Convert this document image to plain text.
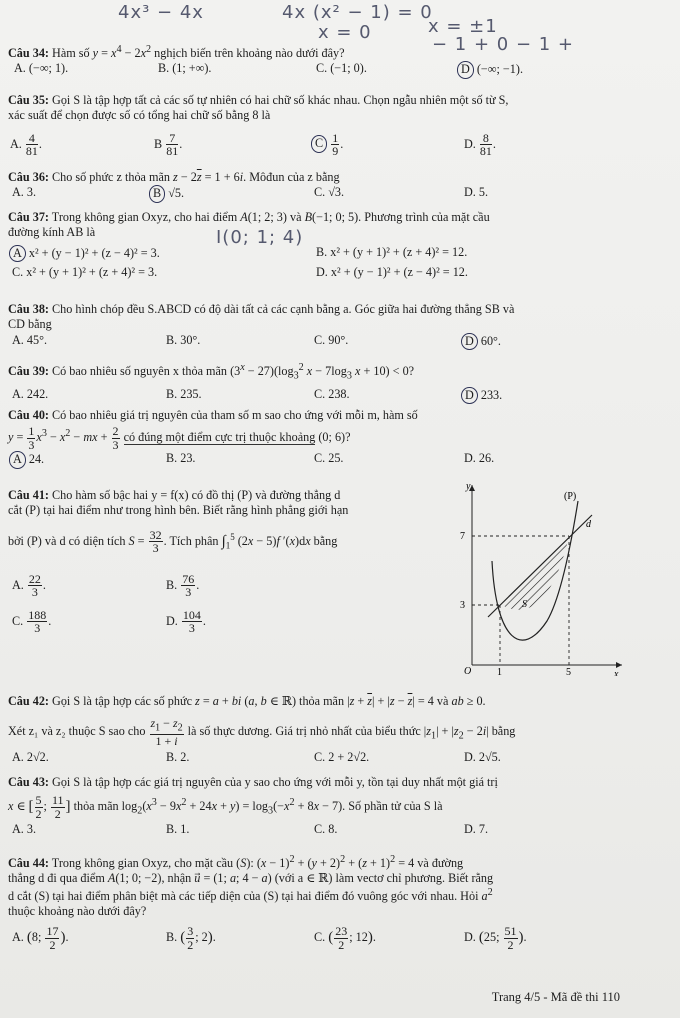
4x³ − 4x	4x (x² − 1) = 0
x = 0	x = ±1
− 1 + 0 − 1 +
I(0; 1; 4)

Câu 34: Hàm số $y = x^4 - 2x^2$ nghịch biến trên khoảng nào dưới đây?

A. (−∞; 1).	B. (1; +∞).	C. (−1; 0).	D (−∞; −1).

Câu 35: Gọi S là tập hợp tất cả các số tự nhiên có hai chữ số khác nhau. Chọn ngẫu nhiên một số từ S,

xác suất để chọn được số có tổng hai chữ số bằng 8 là

A. $\frac{4}{81}$ .	B $\frac{7}{81}$ .	C $\frac{1}{9}$ .	D. $\frac{8}{81}$ .

Câu 36: Cho số phức z thỏa mãn $z - 2\overline{z} = 1 + 6i$. Môđun của z bằng

A. 3.	B √5.	C. √3.	D. 5.

Câu 37: Trong không gian Oxyz, cho hai điểm A(1; 2; 3) và B(−1; 0; 5). Phương trình của mặt cầu

đường kính AB là

A x² + (y − 1)² + (z − 4)² = 3.	B. x² + (y + 1)² + (z + 4)² = 12.
C. x² + (y + 1)² + (z + 4)² = 3.	D. x² + (y − 1)² + (z − 4)² = 12.

Câu 38: Cho hình chóp đều S.ABCD có độ dài tất cả các cạnh bằng a. Góc giữa hai đường thẳng SB và

CD bằng

A. 45°.	B. 30°.	C. 90°.	D 60°.

Câu 39: Có bao nhiêu số nguyên x thỏa mãn $(3^x - 27)(\log_3^2$ $x - 7\log_3$ x + 10) < 0?

A. 242.	B. 235.	C. 238.	D 233.

Câu 40: Có bao nhiêu giá trị nguyên của tham số m sao cho ứng với mỗi m, hàm số

$y = \frac{1}{3} x^3 - x^2$ − mx + $\frac{2}{3}$ có đúng một điểm cực trị thuộc khoảng (0; 6)?

A 24.	B. 23.	C. 25.	D. 26.

Câu 41: Cho hàm số bậc hai y = f(x) có đồ thị (P) và đường thẳng d

cắt (P) tại hai điểm như trong hình bên. Biết rằng hình phẳng giới hạn

bởi (P) và d có diện tích $S = \frac{32}{3}$ . Tích phân $\int_1^5$ (2x − 5)f ′(x)dx bằng

A. $\frac{22}{3}$ .	B. $\frac{76}{3}$ .
C. $\frac{188}{3}$ .	D. $\frac{104}{3}$ .
y
x
(P)
d
7
3
O	1	5
S

Câu 42: Gọi S là tập hợp các số phức z = a + bi (a, b ∈ ℝ) thỏa mãn $|z + \overline{z}| + |z - \overline{z}| = 4$ và ab ≥ 0.

Xét z₁ và z₂ thuộc S sao cho $\frac{z_1 - z_2}{1 + i}$ là số thực dương. Giá trị nhỏ nhất của biểu thức $|z_1| + |z_2 - 2i|$ bằng

A. 2√2.	B. 2.	C. 2 + 2√2.	D. 2√5.

Câu 43: Gọi S là tập hợp các giá trị nguyên của y sao cho ứng với mỗi y, tồn tại duy nhất một giá trị

x ∈ [ $\frac{5}{2}$ ; $\frac{11}{2}$ ] thỏa mãn $\log_2(x^3 - 9x^2 + 24x + y) = \log_3(-x^2 + 8x - 7)$. Số phần tử của S là

A. 3.	B. 1.	C. 8.	D. 7.

Câu 44: Trong không gian Oxyz, cho mặt cầu (S): $(x - 1)^2 + (y + 2)^2 + (z + 1)^2 = 4$ và đường

thẳng d đi qua điểm A(1; 0; −2), nhận u⃗ = (1; a; 4 − a) (với a ∈ ℝ) làm vectơ chỉ phương. Biết rằng

d cắt (S) tại hai điểm phân biệt mà các tiếp diện của (S) tại hai điểm đó vuông góc với nhau. Hỏi $a^2$

thuộc khoảng nào dưới đây?

A. (8; $\frac{17}{2}$ ).	B. ( $\frac{3}{2}$ ; 2).	C. ( $\frac{23}{2}$ ; 12).	D. (25; $\frac{51}{2}$ ).
Trang 4/5 - Mã đề thi 110
